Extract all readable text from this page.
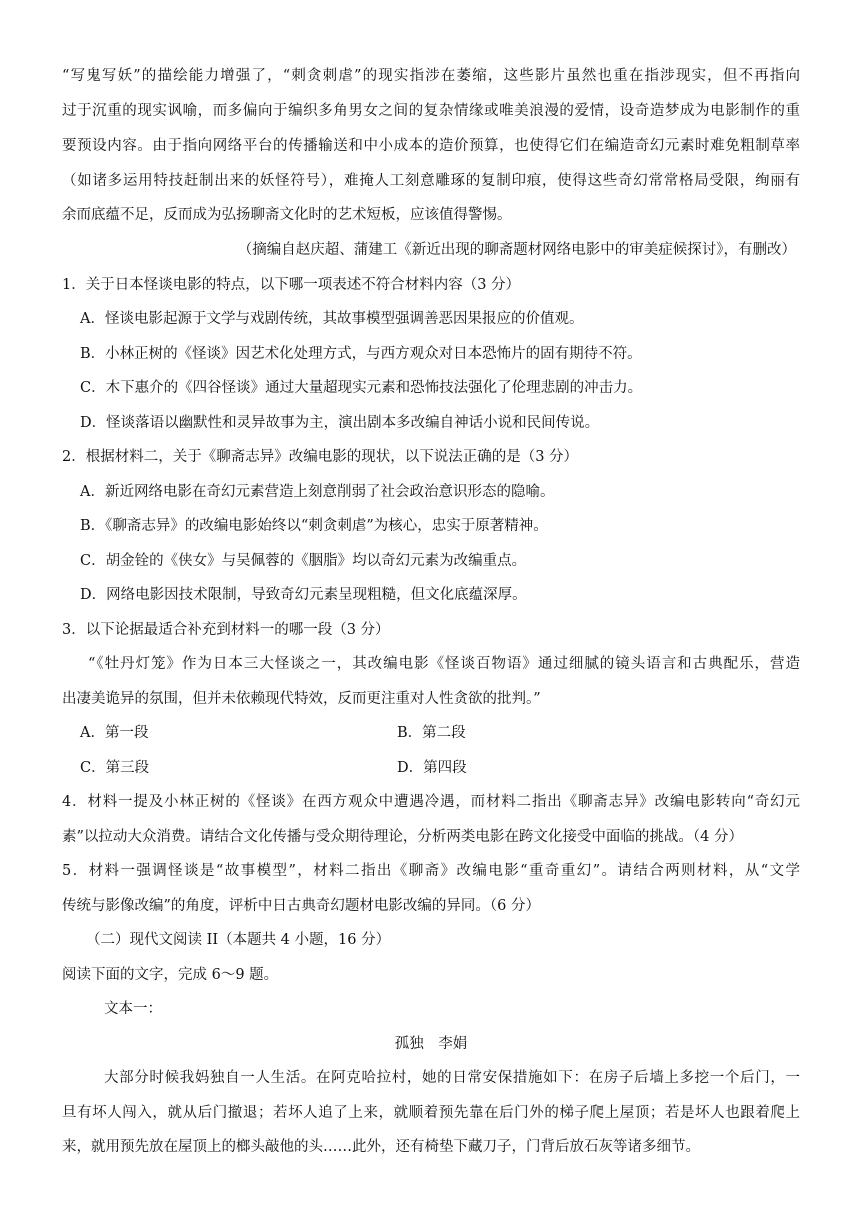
“写鬼写妖”的描绘能力增强了，“刺贪刺虐”的现实指涉在萎缩，这些影片虽然也重在指涉现实，但不再指向
过于沉重的现实讽喻，而多偏向于编织多角男女之间的复杂情缘或唯美浪漫的爱情，设奇造梦成为电影制作的重
要预设内容。由于指向网络平台的传播输送和中小成本的造价预算，也使得它们在编造奇幻元素时难免粗制草率
（如诸多运用特技赶制出来的妖怪符号），难掩人工刻意雕琢的复制印痕，使得这些奇幻常常格局受限，绚丽有
余而底蕴不足，反而成为弘扬聊斋文化时的艺术短板，应该值得警惕。
（摘编自赵庆超、蒲建工《新近出现的聊斋题材网络电影中的审美症候探讨》，有删改）
1．关于日本怪谈电影的特点，以下哪一项表述不符合材料内容（3 分）
A．怪谈电影起源于文学与戏剧传统，其故事模型强调善恶因果报应的价值观。
B．小林正树的《怪谈》因艺术化处理方式，与西方观众对日本恐怖片的固有期待不符。
C．木下惠介的《四谷怪谈》通过大量超现实元素和恐怖技法强化了伦理悲剧的冲击力。
D．怪谈落语以幽默性和灵异故事为主，演出剧本多改编自神话小说和民间传说。
2．根据材料二，关于《聊斋志异》改编电影的现状，以下说法正确的是（3 分）
A．新近网络电影在奇幻元素营造上刻意削弱了社会政治意识形态的隐喻。
B．《聊斋志异》的改编电影始终以“刺贪刺虐”为核心，忠实于原著精神。
C．胡金铨的《侠女》与吴佩蓉的《胭脂》均以奇幻元素为改编重点。
D．网络电影因技术限制，导致奇幻元素呈现粗糙，但文化底蕴深厚。
3．以下论据最适合补充到材料一的哪一段（3 分）
“《牡丹灯笼》作为日本三大怪谈之一，其改编电影《怪谈百物语》通过细腻的镜头语言和古典配乐，营造
出凄美诡异的氛围，但并未依赖现代特效，反而更注重对人性贪欲的批判。”
A．第一段	B．第二段
C．第三段	D．第四段
4．材料一提及小林正树的《怪谈》在西方观众中遭遇冷遇，而材料二指出《聊斋志异》改编电影转向“奇幻元
素”以拉动大众消费。请结合文化传播与受众期待理论，分析两类电影在跨文化接受中面临的挑战。（4 分）
5．材料一强调怪谈是“故事模型”，材料二指出《聊斋》改编电影“重奇重幻”。请结合两则材料，从“文学
传统与影像改编”的角度，评析中日古典奇幻题材电影改编的异同。（6 分）
（二）现代文阅读 II（本题共 4 小题，16 分）
阅读下面的文字，完成 6～9 题。
文本一：
孤独　李娟
大部分时候我妈独自一人生活。在阿克哈拉村，她的日常安保措施如下：在房子后墙上多挖一个后门，一
旦有坏人闯入，就从后门撤退；若坏人追了上来，就顺着预先靠在后门外的梯子爬上屋顶；若是坏人也跟着爬上
来，就用预先放在屋顶上的榔头敲他的头……此外，还有椅垫下藏刀子，门背后放石灰等诸多细节。
